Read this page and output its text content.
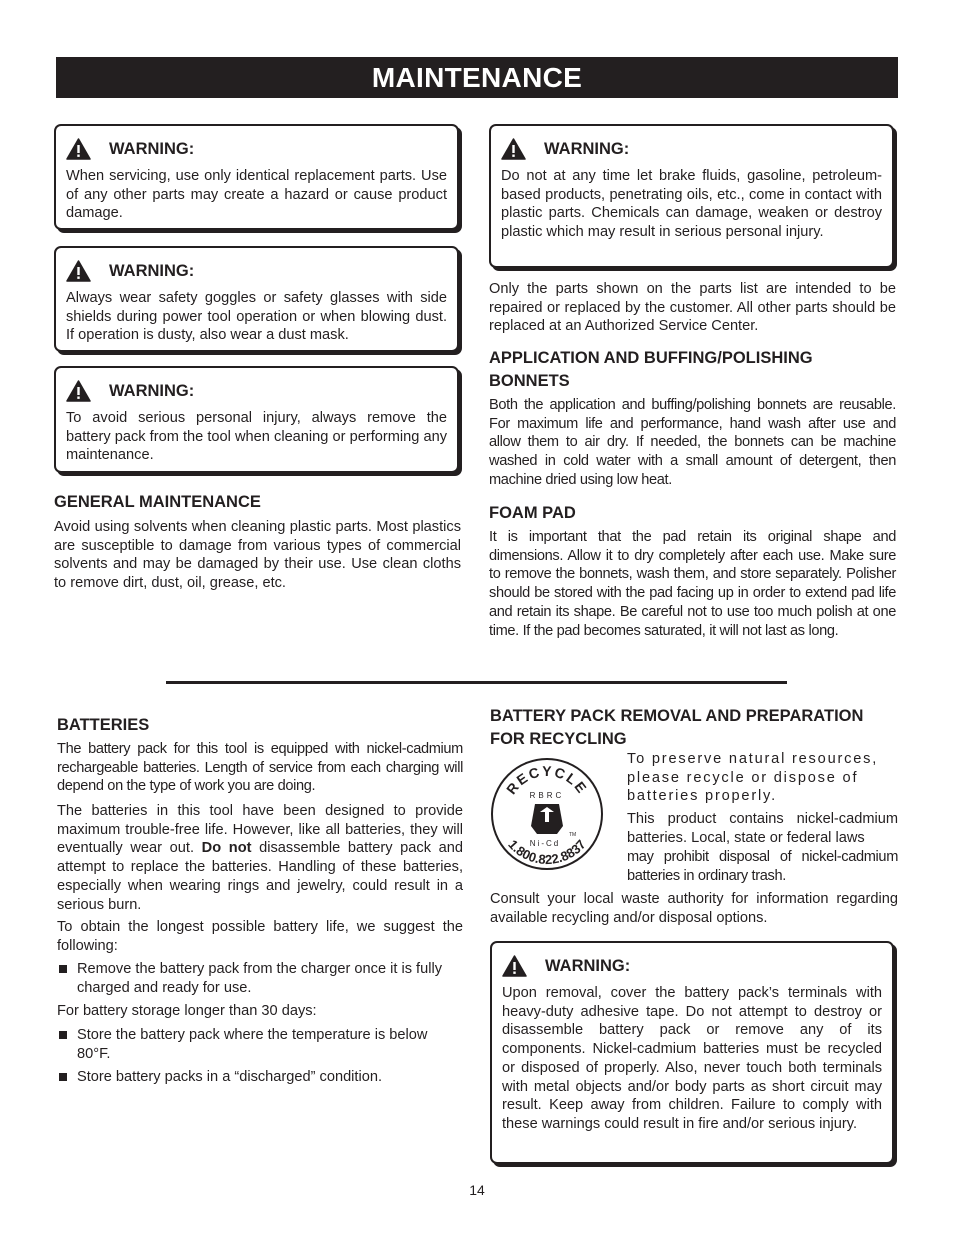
MAINTENANCE
WARNING:

When servicing, use only identical replacement parts. Use of any other parts may create a hazard or cause product damage.

WARNING:

Always wear safety goggles or safety glasses with side shields during power tool operation or when blowing dust. If operation is dusty, also wear a dust mask.

WARNING:

To avoid serious personal injury, always remove the battery pack from the tool when cleaning or performing any maintenance.

GENERAL MAINTENANCE
Avoid using solvents when cleaning plastic parts. Most plastics are susceptible to damage from various types of commercial solvents and may be damaged by their use. Use clean cloths to remove dirt, dust, oil, grease, etc.
WARNING:

Do not at any time let brake fluids, gasoline, petroleum-based products, penetrating oils, etc., come in contact with plastic parts. Chemicals can damage, weaken or destroy plastic which may result in serious personal injury.

Only the parts shown on the parts list are intended to be repaired or replaced by the customer. All other parts should be replaced at an Authorized Service Center.
APPLICATION AND BUFFING/POLISHING BONNETS
Both the application and buffing/polishing bonnets are reusable. For maximum life and performance, hand wash after use and allow them to air dry. If needed, the bonnets can be machine washed in cold water with a small amount of detergent, then machine dried using low heat.
FOAM PAD
It is important that the pad retain its original shape and dimensions. Allow it to dry completely after each use. Make sure to remove the bonnets, wash them, and store separately. Polisher should be stored with the pad facing up in order to extend pad life and retain its shape. Be careful not to use too much polish at one time. If the pad becomes saturated, it will not last as long.
BATTERIES
The battery pack for this tool is equipped with nickel-cadmium rechargeable batteries. Length of service from each charging will depend on the type of work you are doing.
The batteries in this tool have been designed to provide maximum trouble-free life. However, like all batteries, they will eventually wear out. Do not disassemble battery pack and attempt to replace the batteries. Handling of these batteries, especially when wearing rings and jewelry, could result in a serious burn.
To obtain the longest possible battery life, we suggest the following:
Remove the battery pack from the charger once it is fully charged and ready for use.
For battery storage longer than 30 days:
Store the battery pack where the temperature is below 80°F.
Store battery packs in a “discharged” condition.
BATTERY PACK REMOVAL AND PREPARATION FOR RECYCLING
RECYCLE
RBRC
Ni-Cd
TM
1.800.822.8837
To preserve natural resources, please recycle or dispose of batteries properly.
This product contains nickel-cadmium batteries. Local, state or federal laws
may prohibit disposal of nickel-cadmium batteries in ordinary trash.
Consult your local waste authority for information regarding available recycling and/or disposal options.
WARNING:

Upon removal, cover the battery pack’s terminals with heavy-duty adhesive tape. Do not attempt to destroy or disassemble battery pack or remove any of its components. Nickel-cadmium batteries must be recycled or disposed of properly. Also, never touch both terminals with metal objects and/or body parts as short circuit may result. Keep away from children. Failure to comply with these warnings could result in fire and/or serious injury.

14
